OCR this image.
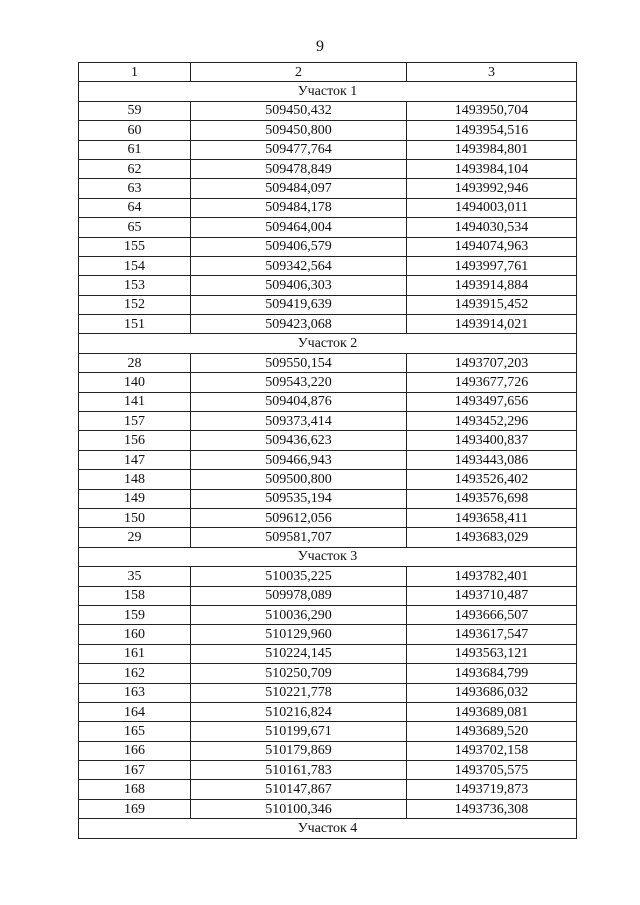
9
1	2	3
Участок 1		
59	509450,432	1493950,704
60	509450,800	1493954,516
61	509477,764	1493984,801
62	509478,849	1493984,104
63	509484,097	1493992,946
64	509484,178	1494003,011
65	509464,004	1494030,534
155	509406,579	1494074,963
154	509342,564	1493997,761
153	509406,303	1493914,884
152	509419,639	1493915,452
151	509423,068	1493914,021
Участок 2		
28	509550,154	1493707,203
140	509543,220	1493677,726
141	509404,876	1493497,656
157	509373,414	1493452,296
156	509436,623	1493400,837
147	509466,943	1493443,086
148	509500,800	1493526,402
149	509535,194	1493576,698
150	509612,056	1493658,411
29	509581,707	1493683,029
Участок 3		
35	510035,225	1493782,401
158	509978,089	1493710,487
159	510036,290	1493666,507
160	510129,960	1493617,547
161	510224,145	1493563,121
162	510250,709	1493684,799
163	510221,778	1493686,032
164	510216,824	1493689,081
165	510199,671	1493689,520
166	510179,869	1493702,158
167	510161,783	1493705,575
168	510147,867	1493719,873
169	510100,346	1493736,308
Участок 4		
